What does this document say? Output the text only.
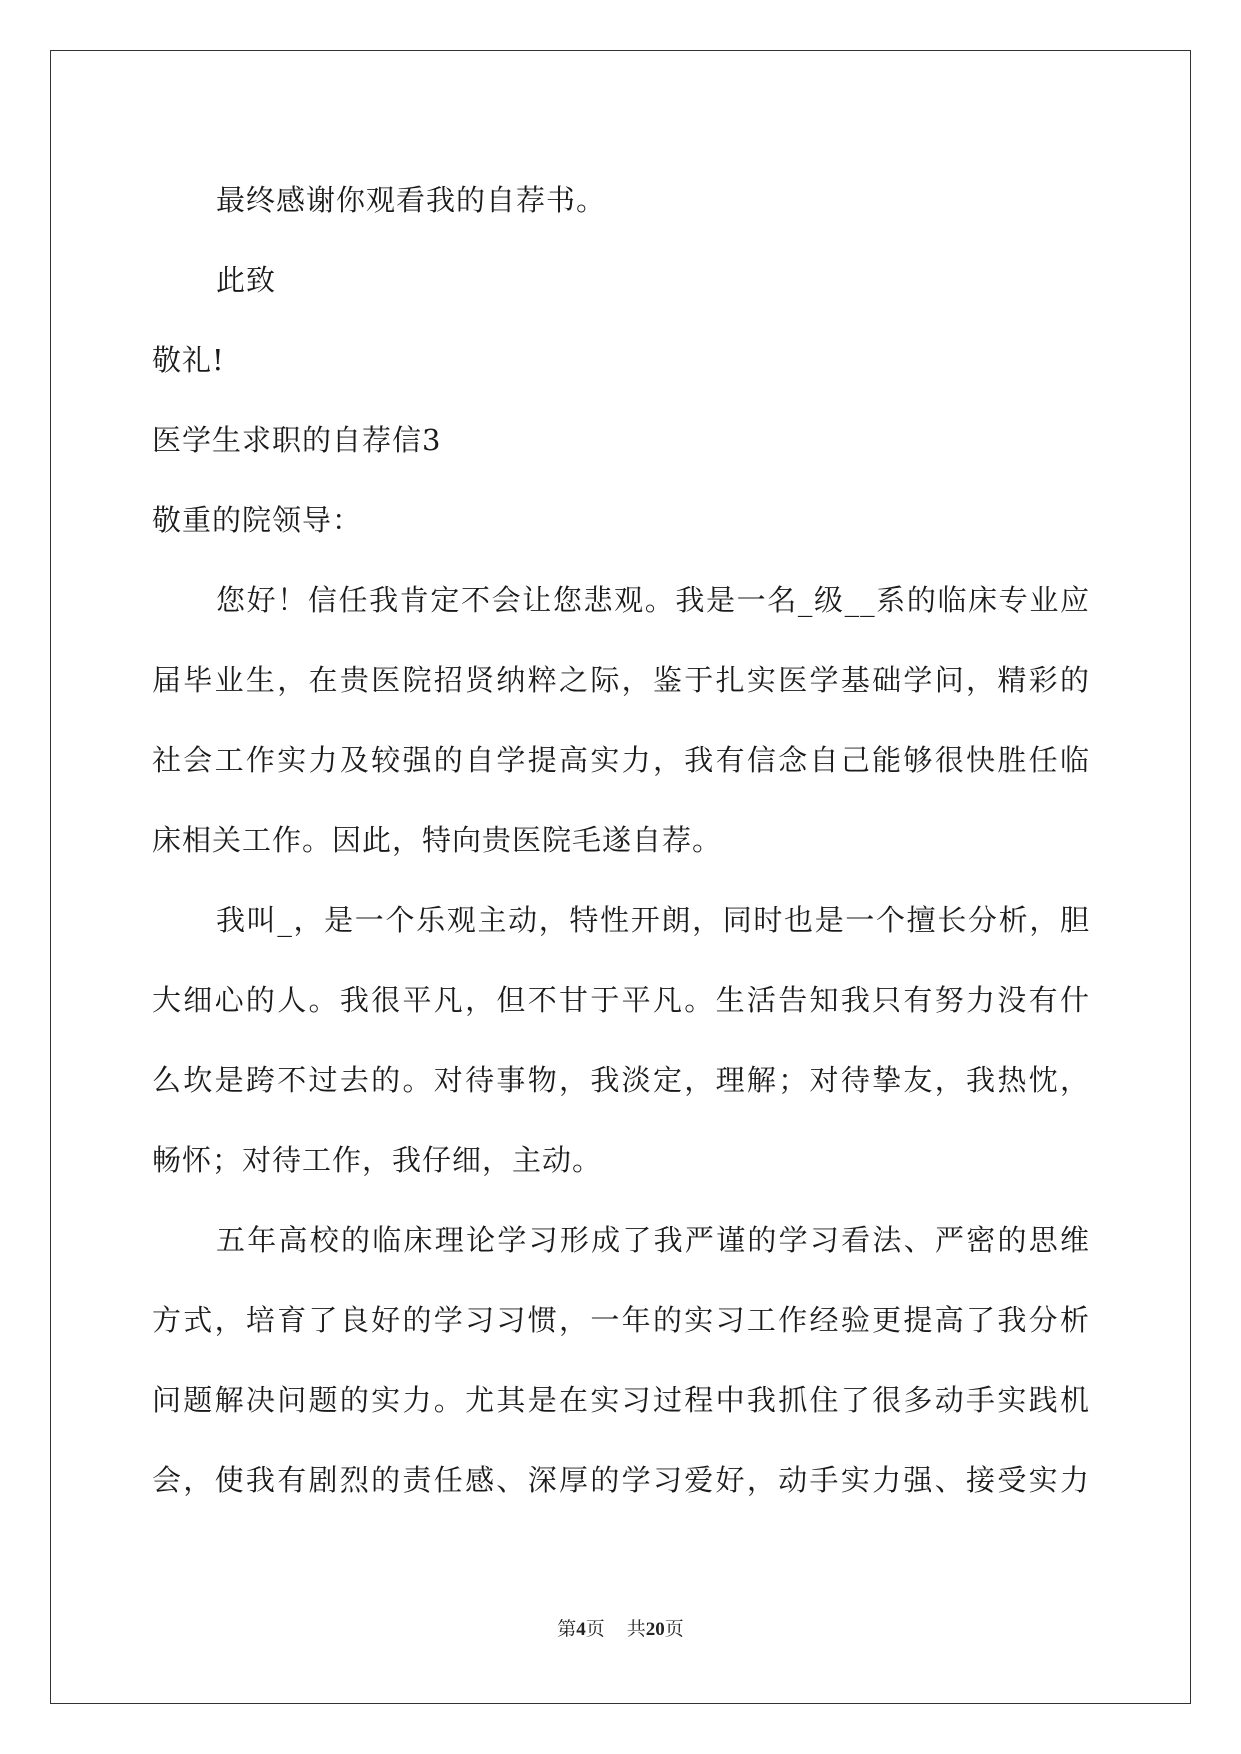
最终感谢你观看我的自荐书。
此致
敬礼!
医学生求职的自荐信3
敬重的院领导：
您好！信任我肯定不会让您悲观。我是一名_级__系的临床专业应
届毕业生，在贵医院招贤纳粹之际，鉴于扎实医学基础学问，精彩的
社会工作实力及较强的自学提高实力，我有信念自己能够很快胜任临
床相关工作。因此，特向贵医院毛遂自荐。
我叫_，是一个乐观主动，特性开朗，同时也是一个擅长分析，胆
大细心的人。我很平凡，但不甘于平凡。生活告知我只有努力没有什
么坎是跨不过去的。对待事物，我淡定，理解；对待挚友，我热忱，
畅怀；对待工作，我仔细，主动。
五年高校的临床理论学习形成了我严谨的学习看法、严密的思维
方式，培育了良好的学习习惯，一年的实习工作经验更提高了我分析
问题解决问题的实力。尤其是在实习过程中我抓住了很多动手实践机
会，使我有剧烈的责任感、深厚的学习爱好，动手实力强、接受实力
第4页 共20页
